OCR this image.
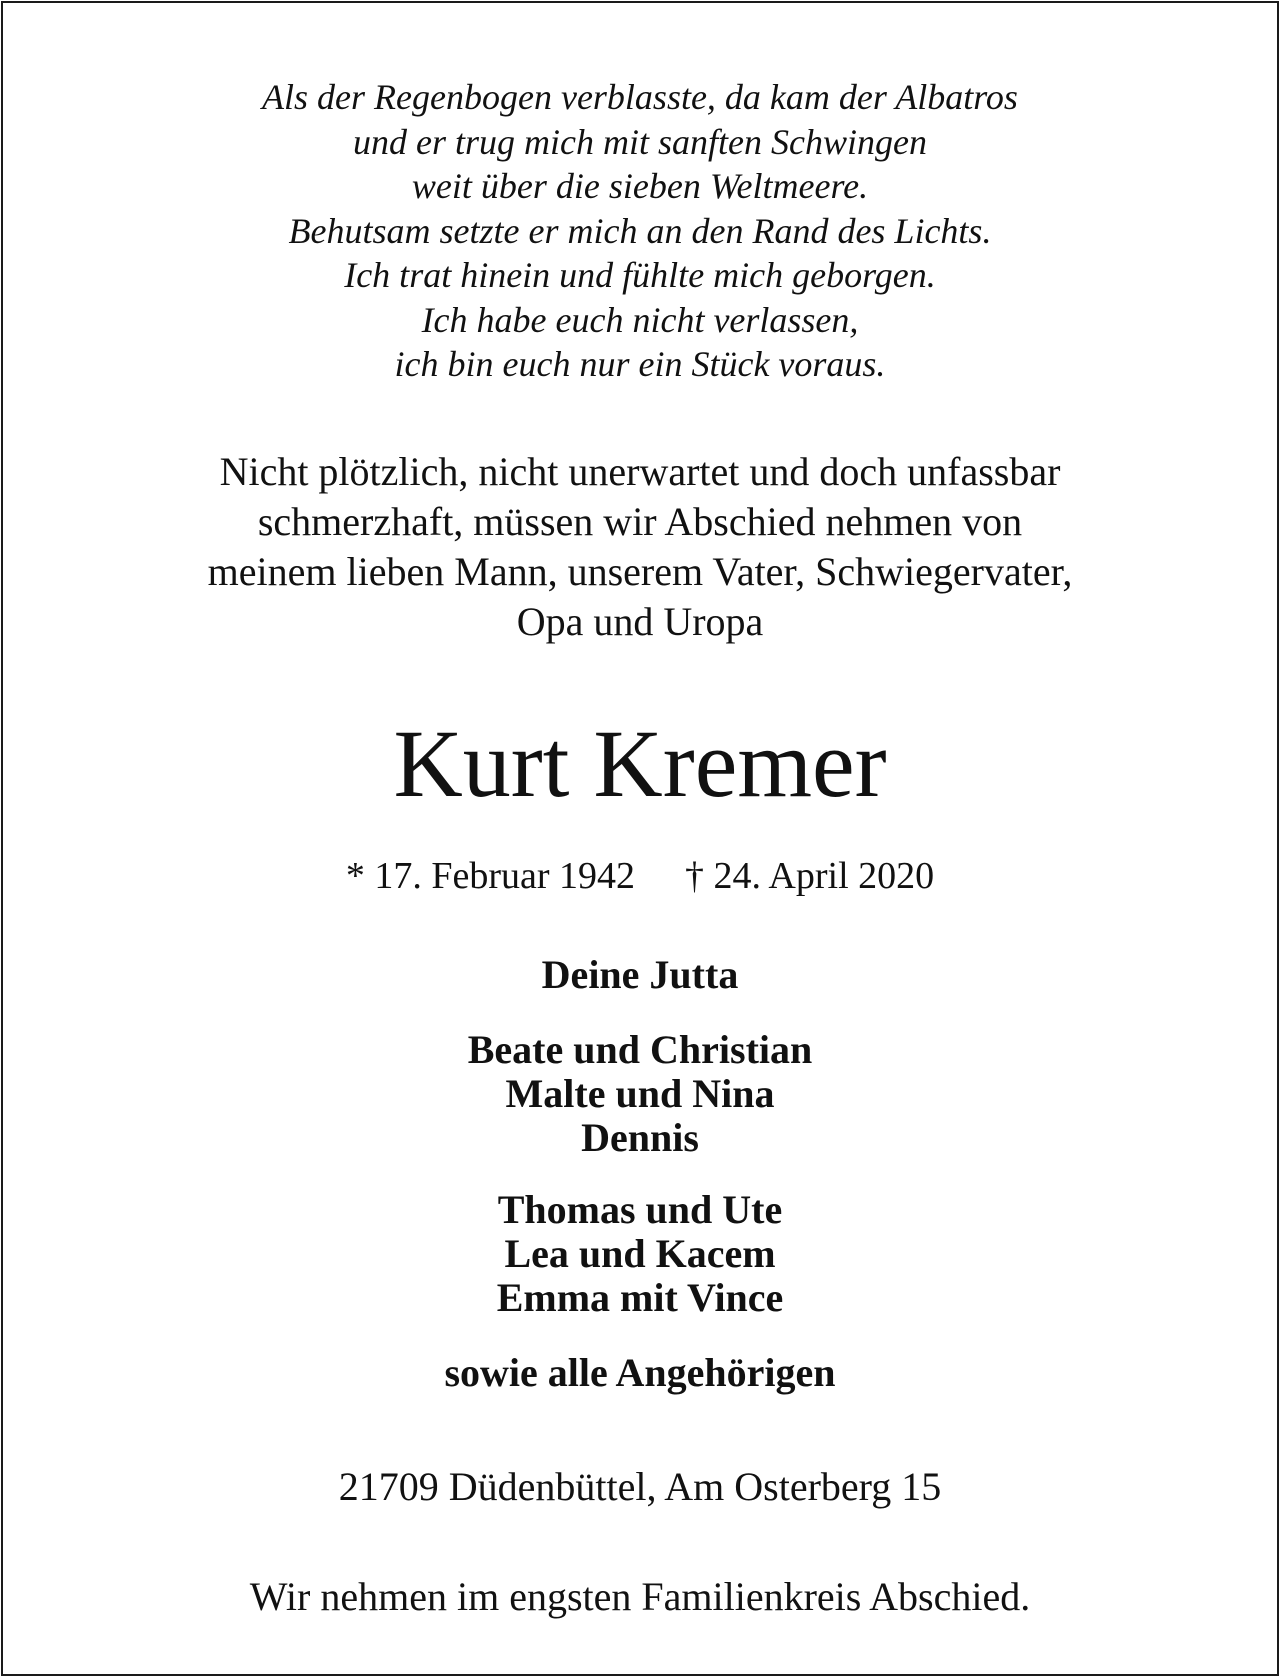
Als der Regenbogen verblasste, da kam der Albatros
und er trug mich mit sanften Schwingen
weit über die sieben Weltmeere.
Behutsam setzte er mich an den Rand des Lichts.
Ich trat hinein und fühlte mich geborgen.
Ich habe euch nicht verlassen,
ich bin euch nur ein Stück voraus.
Nicht plötzlich, nicht unerwartet und doch unfassbar
schmerzhaft, müssen wir Abschied nehmen von
meinem lieben Mann, unserem Vater, Schwiegervater,
Opa und Uropa
Kurt Kremer
* 17. Februar 1942 † 24. April 2020
Deine Jutta
Beate und Christian
Malte und Nina
Dennis
Thomas und Ute
Lea und Kacem
Emma mit Vince
sowie alle Angehörigen
21709 Düdenbüttel, Am Osterberg 15
Wir nehmen im engsten Familienkreis Abschied.
